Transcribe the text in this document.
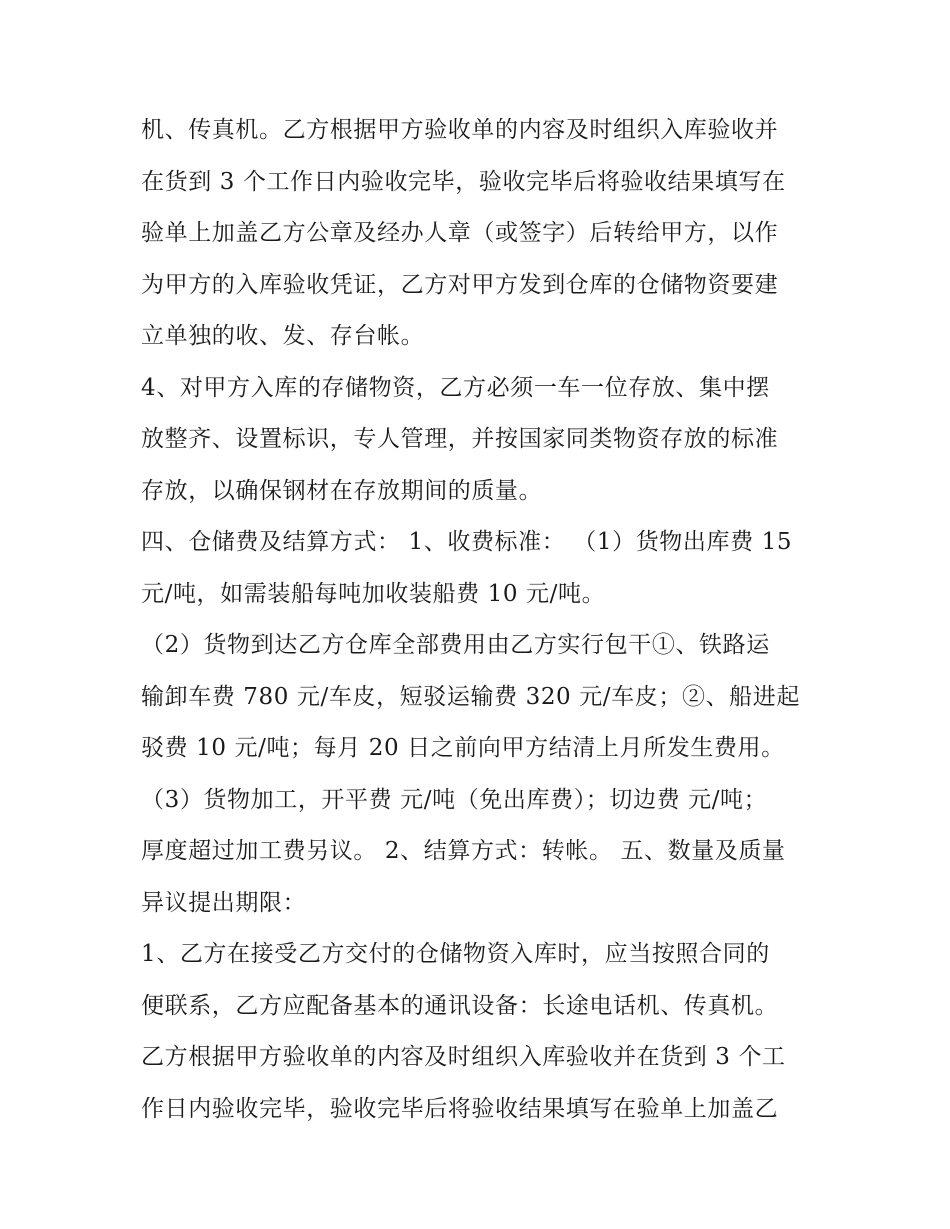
机、传真机。乙方根据甲方验收单的内容及时组织入库验收并
在货到 3 个工作日内验收完毕，验收完毕后将验收结果填写在
验单上加盖乙方公章及经办人章（或签字）后转给甲方，以作
为甲方的入库验收凭证，乙方对甲方发到仓库的仓储物资要建
立单独的收、发、存台帐。
4、对甲方入库的存储物资，乙方必须一车一位存放、集中摆
放整齐、设置标识，专人管理，并按国家同类物资存放的标准
存放，以确保钢材在存放期间的质量。
四、仓储费及结算方式： 1、收费标准： （1）货物出库费 15
元/吨，如需装船每吨加收装船费 10 元/吨。
（2）货物到达乙方仓库全部费用由乙方实行包干①、铁路运
输卸车费 780 元/车皮，短驳运输费 320 元/车皮；②、船进起
驳费 10 元/吨；每月 20 日之前向甲方结清上月所发生费用。
（3）货物加工，开平费 元/吨（免出库费）；切边费 元/吨；
厚度超过加工费另议。 2、结算方式：转帐。 五、数量及质量
异议提出期限：
1、乙方在接受乙方交付的仓储物资入库时，应当按照合同的
便联系，乙方应配备基本的通讯设备：长途电话机、传真机。
乙方根据甲方验收单的内容及时组织入库验收并在货到 3 个工
作日内验收完毕，验收完毕后将验收结果填写在验单上加盖乙
